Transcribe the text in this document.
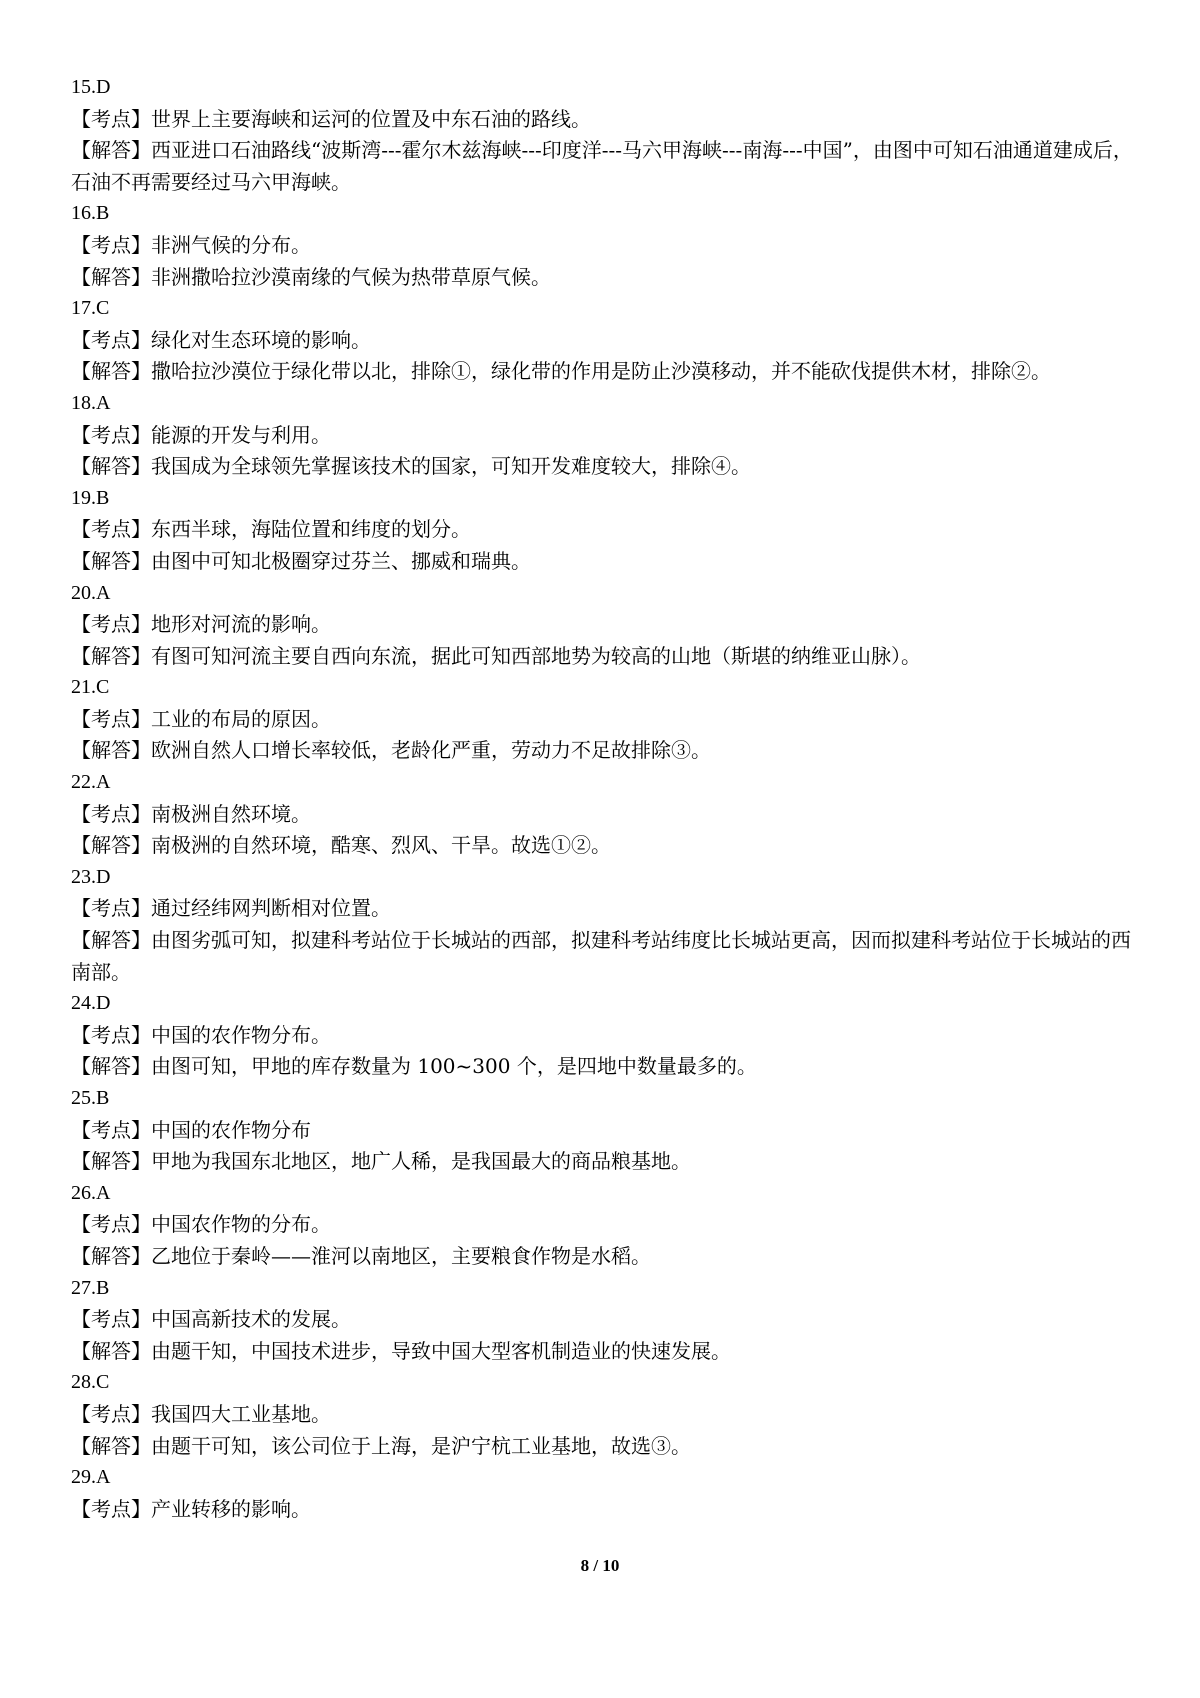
15.D
【考点】世界上主要海峡和运河的位置及中东石油的路线。
【解答】西亚进口石油路线“波斯湾---霍尔木兹海峡---印度洋---马六甲海峡---南海---中国”，由图中可知石油通道建成后，石油不再需要经过马六甲海峡。
16.B
【考点】非洲气候的分布。
【解答】非洲撒哈拉沙漠南缘的气候为热带草原气候。
17.C
【考点】绿化对生态环境的影响。
【解答】撒哈拉沙漠位于绿化带以北，排除①，绿化带的作用是防止沙漠移动，并不能砍伐提供木材，排除②。
18.A
【考点】能源的开发与利用。
【解答】我国成为全球领先掌握该技术的国家，可知开发难度较大，排除④。
19.B
【考点】东西半球，海陆位置和纬度的划分。
【解答】由图中可知北极圈穿过芬兰、挪威和瑞典。
20.A
【考点】地形对河流的影响。
【解答】有图可知河流主要自西向东流，据此可知西部地势为较高的山地（斯堪的纳维亚山脉）。
21.C
【考点】工业的布局的原因。
【解答】欧洲自然人口增长率较低，老龄化严重，劳动力不足故排除③。
22.A
【考点】南极洲自然环境。
【解答】南极洲的自然环境，酷寒、烈风、干旱。故选①②。
23.D
【考点】通过经纬网判断相对位置。
【解答】由图劣弧可知，拟建科考站位于长城站的西部，拟建科考站纬度比长城站更高，因而拟建科考站位于长城站的西南部。
24.D
【考点】中国的农作物分布。
【解答】由图可知，甲地的库存数量为 100~300 个，是四地中数量最多的。
25.B
【考点】中国的农作物分布
【解答】甲地为我国东北地区，地广人稀，是我国最大的商品粮基地。
26.A
【考点】中国农作物的分布。
【解答】乙地位于秦岭——淮河以南地区，主要粮食作物是水稻。
27.B
【考点】中国高新技术的发展。
【解答】由题干知，中国技术进步，导致中国大型客机制造业的快速发展。
28.C
【考点】我国四大工业基地。
【解答】由题干可知，该公司位于上海，是沪宁杭工业基地，故选③。
29.A
【考点】产业转移的影响。
8 / 10
